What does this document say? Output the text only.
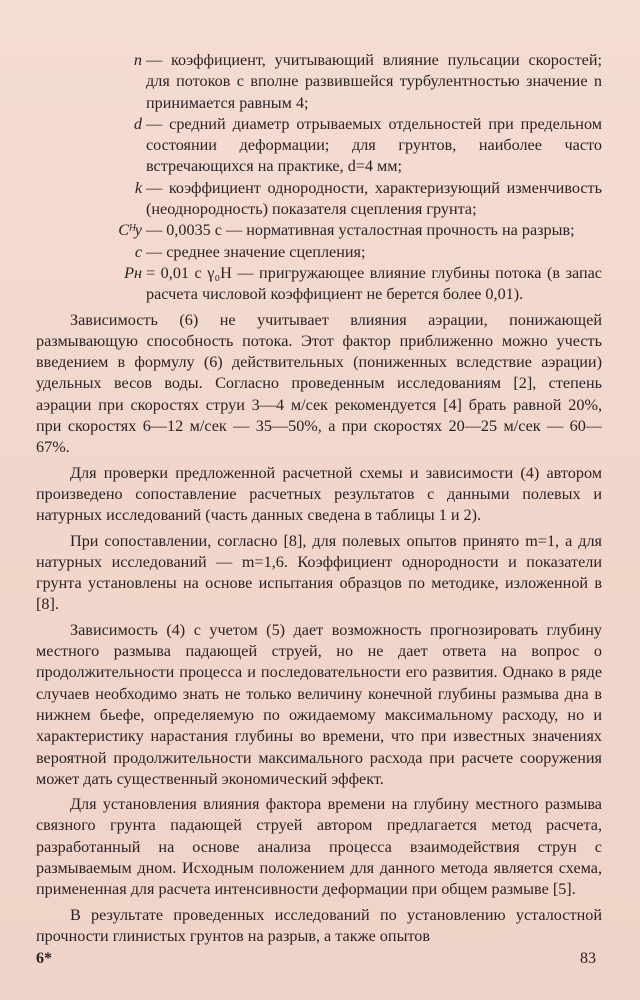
n — коэффициент, учитывающий влияние пульсации скоростей; для потоков с вполне развившейся турбулентностью значение n принимается равным 4;
d — средний диаметр отрываемых отдельностей при предельном состоянии деформации; для грунтов, наиболее часто встречающихся на практике, d=4 мм;
k — коэффициент однородности, характеризующий изменчивость (неоднородность) показателя сцепления грунта;
Cᴴу — 0,0035 c — нормативная усталостная прочность на разрыв;
c — среднее значение сцепления;
Pн = 0,01 c γ₀H — пригружающее влияние глубины потока (в запас расчета числовой коэффициент не берется более 0,01).

Зависимость (6) не учитывает влияния аэрации, понижающей размывающую способность потока. Этот фактор приближенно можно учесть введением в формулу (6) действительных (пониженных вследствие аэрации) удельных весов воды. Согласно проведенным исследованиям [2], степень аэрации при скоростях струи 3—4 м/сек рекомендуется [4] брать равной 20%, при скоростях 6—12 м/сек — 35—50%, а при скоростях 20—25 м/сек — 60—67%.

Для проверки предложенной расчетной схемы и зависимости (4) автором произведено сопоставление расчетных результатов с данными полевых и натурных исследований (часть данных сведена в таблицы 1 и 2).

При сопоставлении, согласно [8], для полевых опытов принято m=1, а для натурных исследований — m=1,6. Коэффициент однородности и показатели грунта установлены на основе испытания образцов по методике, изложенной в [8].

Зависимость (4) с учетом (5) дает возможность прогнозировать глубину местного размыва падающей струей, но не дает ответа на вопрос о продолжительности процесса и последовательности его развития. Однако в ряде случаев необходимо знать не только величину конечной глубины размыва дна в нижнем бьефе, определяемую по ожидаемому максимальному расходу, но и характеристику нарастания глубины во времени, что при известных значениях вероятной продолжительности максимального расхода при расчете сооружения может дать существенный экономический эффект.

Для установления влияния фактора времени на глубину местного размыва связного грунта падающей струей автором предлагается метод расчета, разработанный на основе анализа процесса взаимодействия струн с размываемым дном. Исходным положением для данного метода является схема, примененная для расчета интенсивности деформации при общем размыве [5].

В результате проведенных исследований по установлению усталостной прочности глинистых грунтов на разрыв, а также опытов

6*	83
